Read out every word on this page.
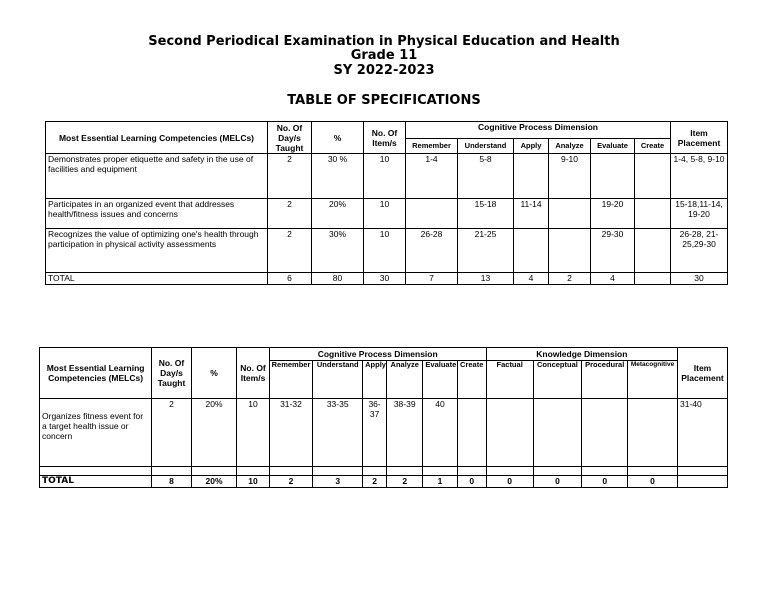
Second Periodical Examination in Physical Education and Health
Grade 11
SY 2022-2023
TABLE OF SPECIFICATIONS
Most Essential Learning Competencies (MELCs)	No. Of Day/s Taught	%	No. Of Item/s	Cognitive Process Dimension						Item Placement
				Remember	Understand	Apply	Analyze	Evaluate	Create	
Demonstrates proper etiquette and safety in the use of facilities and equipment	2	30 %	10	1-4	5-8		9-10			1-4, 5-8, 9-10
Participates in an organized event that addresses health/fitness issues and concerns	2	20%	10		15-18	11-14		19-20		15-18,11-14, 19-20
Recognizes the value of optimizing one's health through participation in physical activity assessments	2	30%	10	26-28	21-25			29-30		26-28, 21-25,29-30
TOTAL	6	80	30	7	13	4	2	4		30
Most Essential Learning Competencies (MELCs)	No. Of Day/s Taught	%	No. Of Item/s	Cognitive Process Dimension						Knowledge Dimension				Item Placement
				Remember	Understand	Apply	Analyze	Evaluate	Create	Factual	Conceptual	Procedural	Metacognitive	
Organizes fitness event for a target health issue or concern	2	20%	10	31-32	33-35	36-37	38-39	40						31-40

TOTAL	8	20%	10	2	3	2	2	1	0	0	0	0	0	
